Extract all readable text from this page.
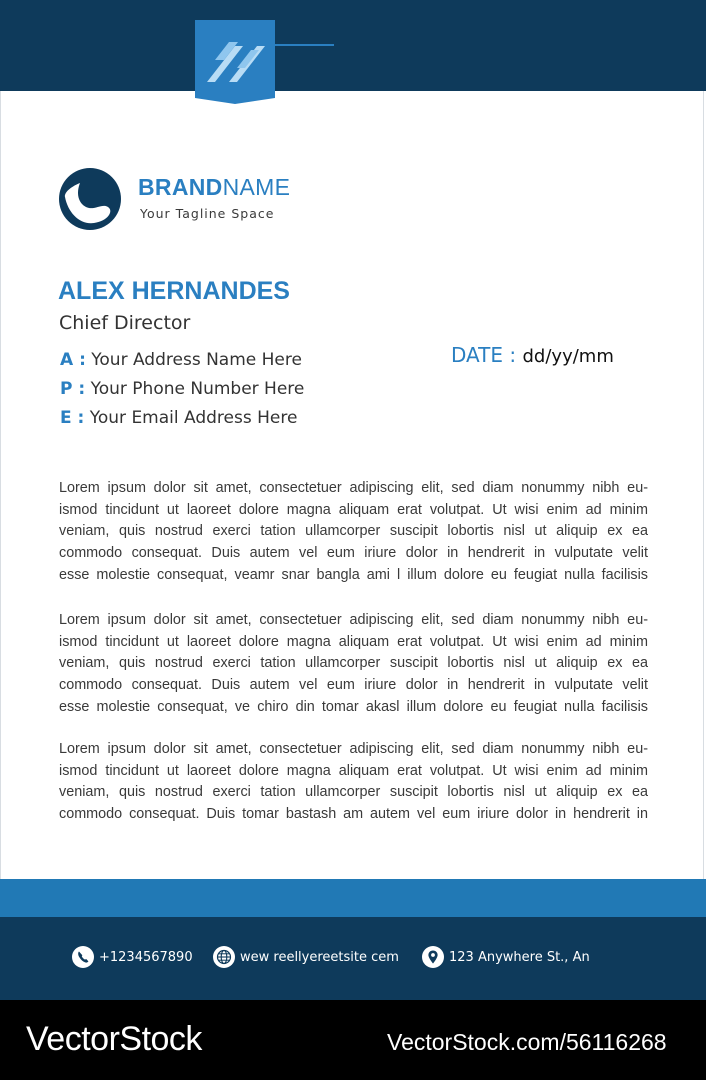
BRANDNAME
Your Tagline Space
ALEX HERNANDES
Chief Director
A : Your Address Name Here
P : Your Phone Number Here
E : Your Email Address Here
DATE : dd/yy/mm
Lorem ipsum dolor sit amet, consectetuer adipiscing elit, sed diam nonummy nibh eu-
ismod tincidunt ut laoreet dolore magna aliquam erat volutpat. Ut wisi enim ad minim
veniam, quis nostrud exerci tation ullamcorper suscipit lobortis nisl ut aliquip ex ea
commodo consequat. Duis autem vel eum iriure dolor in hendrerit in vulputate velit
esse molestie consequat, veamr snar bangla ami l illum dolore eu feugiat nulla facilisis
Lorem ipsum dolor sit amet, consectetuer adipiscing elit, sed diam nonummy nibh eu-
ismod tincidunt ut laoreet dolore magna aliquam erat volutpat. Ut wisi enim ad minim
veniam, quis nostrud exerci tation ullamcorper suscipit lobortis nisl ut aliquip ex ea
commodo consequat. Duis autem vel eum iriure dolor in hendrerit in vulputate velit
esse molestie consequat, ve chiro din tomar akasl illum dolore eu feugiat nulla facilisis
Lorem ipsum dolor sit amet, consectetuer adipiscing elit, sed diam nonummy nibh eu-
ismod tincidunt ut laoreet dolore magna aliquam erat volutpat. Ut wisi enim ad minim
veniam, quis nostrud exerci tation ullamcorper suscipit lobortis nisl ut aliquip ex ea
commodo consequat. Duis tomar bastash am autem vel eum iriure dolor in hendrerit in
+1234567890	wew reellyereetsite cem	123 Anywhere St., An
VectorStock	VectorStock.com/56116268
